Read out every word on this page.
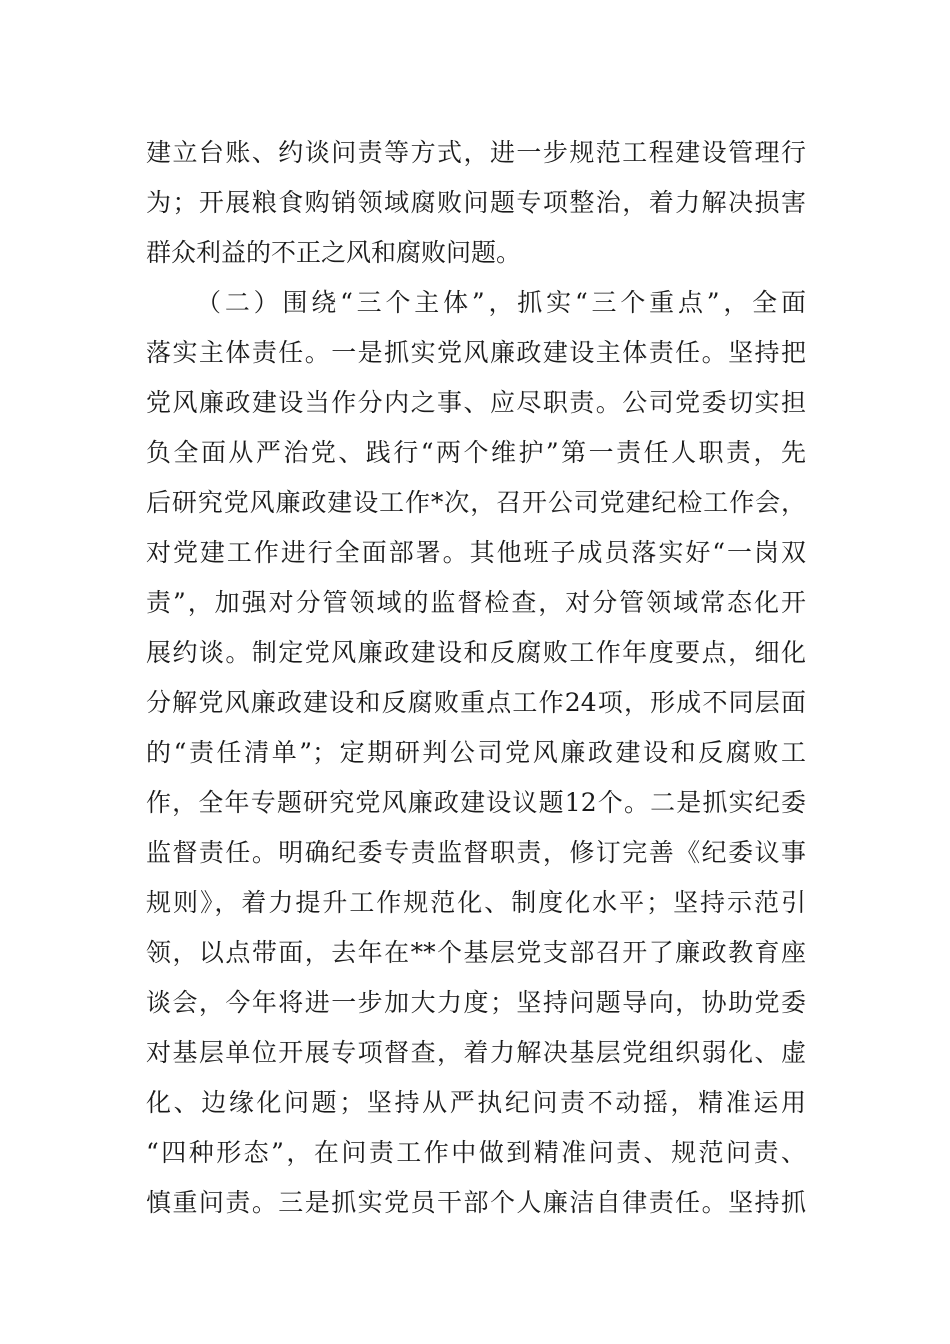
建立台账、约谈问责等方式，进一步规范工程建设管理行
为；开展粮食购销领域腐败问题专项整治，着力解决损害
群众利益的不正之风和腐败问题。
（二）围绕“三个主体”，抓实“三个重点”，全面
落实主体责任。一是抓实党风廉政建设主体责任。坚持把
党风廉政建设当作分内之事、应尽职责。公司党委切实担
负全面从严治党、践行“两个维护”第一责任人职责，先
后研究党风廉政建设工作*次，召开公司党建纪检工作会，
对党建工作进行全面部署。其他班子成员落实好“一岗双
责”，加强对分管领域的监督检查，对分管领域常态化开
展约谈。制定党风廉政建设和反腐败工作年度要点，细化
分解党风廉政建设和反腐败重点工作24项，形成不同层面
的“责任清单”；定期研判公司党风廉政建设和反腐败工
作，全年专题研究党风廉政建设议题12个。二是抓实纪委
监督责任。明确纪委专责监督职责，修订完善《纪委议事
规则》，着力提升工作规范化、制度化水平；坚持示范引
领，以点带面，去年在**个基层党支部召开了廉政教育座
谈会，今年将进一步加大力度；坚持问题导向，协助党委
对基层单位开展专项督查，着力解决基层党组织弱化、虚
化、边缘化问题；坚持从严执纪问责不动摇，精准运用
“四种形态”，在问责工作中做到精准问责、规范问责、
慎重问责。三是抓实党员干部个人廉洁自律责任。坚持抓
